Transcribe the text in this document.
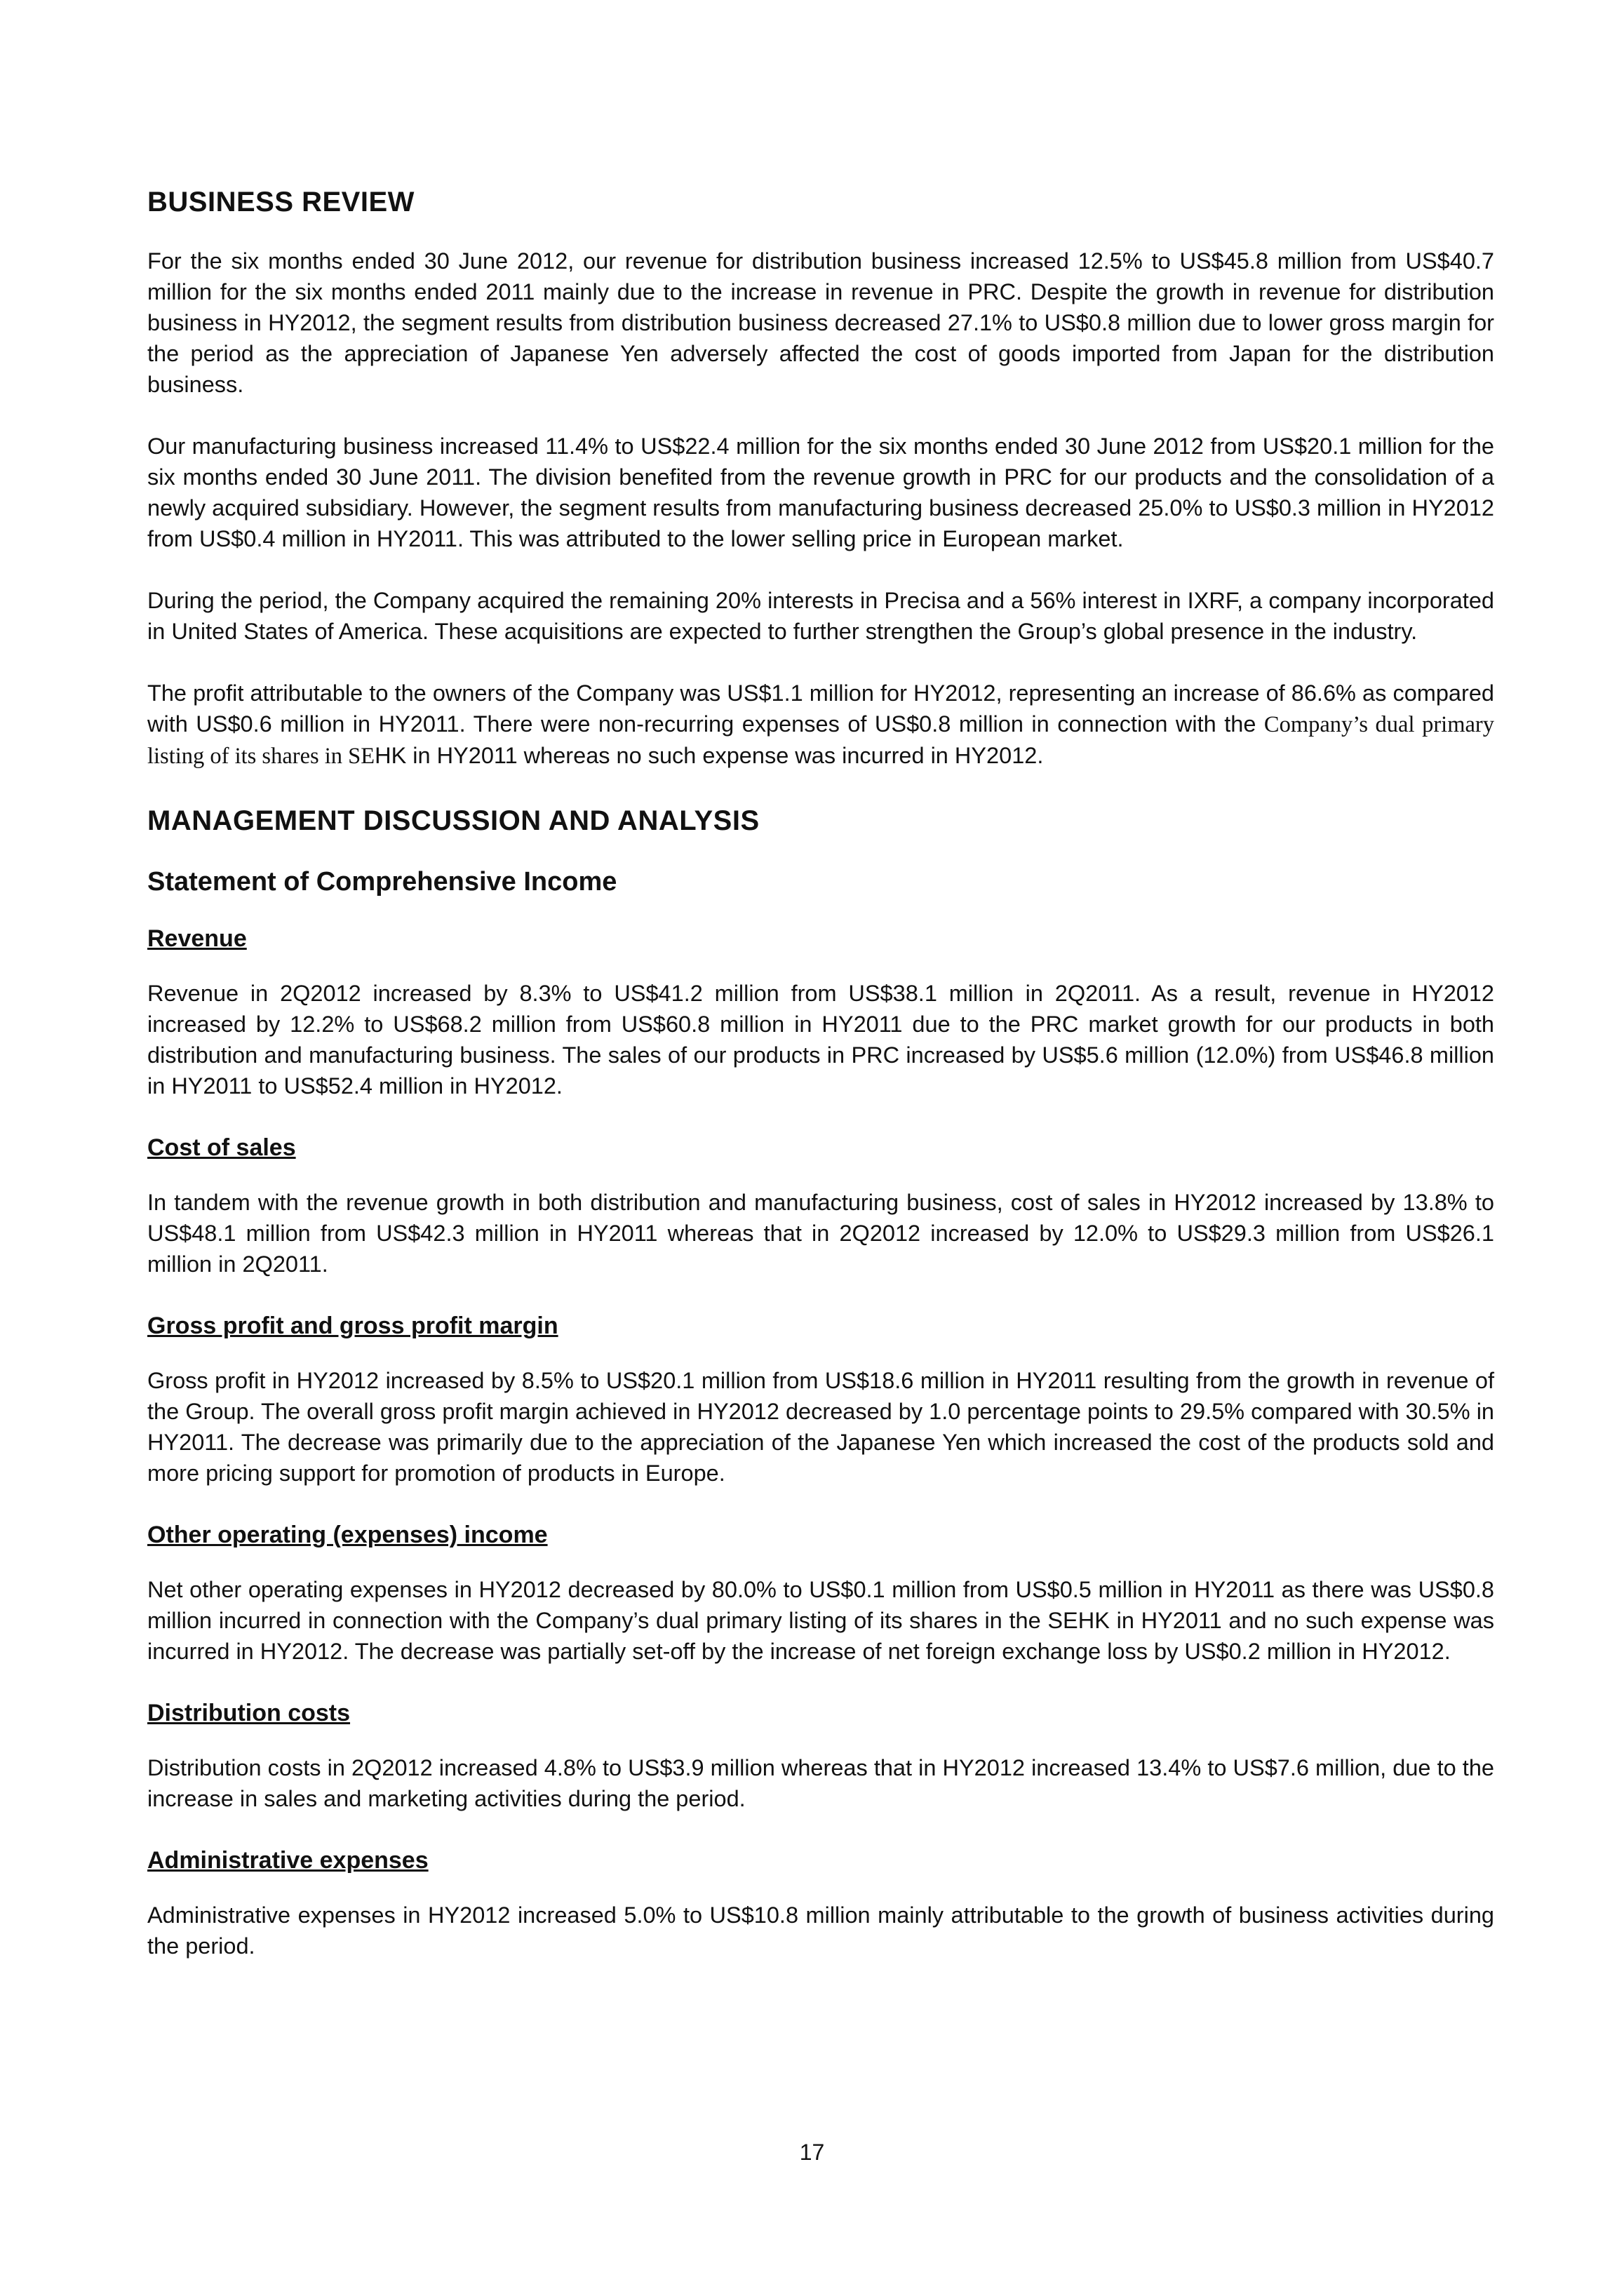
BUSINESS REVIEW

For the six months ended 30 June 2012, our revenue for distribution business increased 12.5% to US$45.8 million from US$40.7 million for the six months ended 2011 mainly due to the increase in revenue in PRC. Despite the growth in revenue for distribution business in HY2012, the segment results from distribution business decreased 27.1% to US$0.8 million due to lower gross margin for the period as the appreciation of Japanese Yen adversely affected the cost of goods imported from Japan for the distribution business.

Our manufacturing business increased 11.4% to US$22.4 million for the six months ended 30 June 2012 from US$20.1 million for the six months ended 30 June 2011. The division benefited from the revenue growth in PRC for our products and the consolidation of a newly acquired subsidiary. However, the segment results from manufacturing business decreased 25.0% to US$0.3 million in HY2012 from US$0.4 million in HY2011. This was attributed to the lower selling price in European market.

During the period, the Company acquired the remaining 20% interests in Precisa and a 56% interest in IXRF, a company incorporated in United States of America. These acquisitions are expected to further strengthen the Group’s global presence in the industry.

The profit attributable to the owners of the Company was US$1.1 million for HY2012, representing an increase of 86.6% as compared with US$0.6 million in HY2011. There were non-recurring expenses of US$0.8 million in connection with the Company’s dual primary listing of its shares in SEHK in HY2011 whereas no such expense was incurred in HY2012.

MANAGEMENT DISCUSSION AND ANALYSIS
Statement of Comprehensive Income
Revenue

Revenue in 2Q2012 increased by 8.3% to US$41.2 million from US$38.1 million in 2Q2011. As a result, revenue in HY2012 increased by 12.2% to US$68.2 million from US$60.8 million in HY2011 due to the PRC market growth for our products in both distribution and manufacturing business. The sales of our products in PRC increased by US$5.6 million (12.0%) from US$46.8 million in HY2011 to US$52.4 million in HY2012.

Cost of sales

In tandem with the revenue growth in both distribution and manufacturing business, cost of sales in HY2012 increased by 13.8% to US$48.1 million from US$42.3 million in HY2011 whereas that in 2Q2012 increased by 12.0% to US$29.3 million from US$26.1 million in 2Q2011.

Gross profit and gross profit margin

Gross profit in HY2012 increased by 8.5% to US$20.1 million from US$18.6 million in HY2011 resulting from the growth in revenue of the Group. The overall gross profit margin achieved in HY2012 decreased by 1.0 percentage points to 29.5% compared with 30.5% in HY2011. The decrease was primarily due to the appreciation of the Japanese Yen which increased the cost of the products sold and more pricing support for promotion of products in Europe.

Other operating (expenses) income

Net other operating expenses in HY2012 decreased by 80.0% to US$0.1 million from US$0.5 million in HY2011 as there was US$0.8 million incurred in connection with the Company’s dual primary listing of its shares in the SEHK in HY2011 and no such expense was incurred in HY2012. The decrease was partially set-off by the increase of net foreign exchange loss by US$0.2 million in HY2012.

Distribution costs

Distribution costs in 2Q2012 increased 4.8% to US$3.9 million whereas that in HY2012 increased 13.4% to US$7.6 million, due to the increase in sales and marketing activities during the period.

Administrative expenses

Administrative expenses in HY2012 increased 5.0% to US$10.8 million mainly attributable to the growth of business activities during the period.

17
